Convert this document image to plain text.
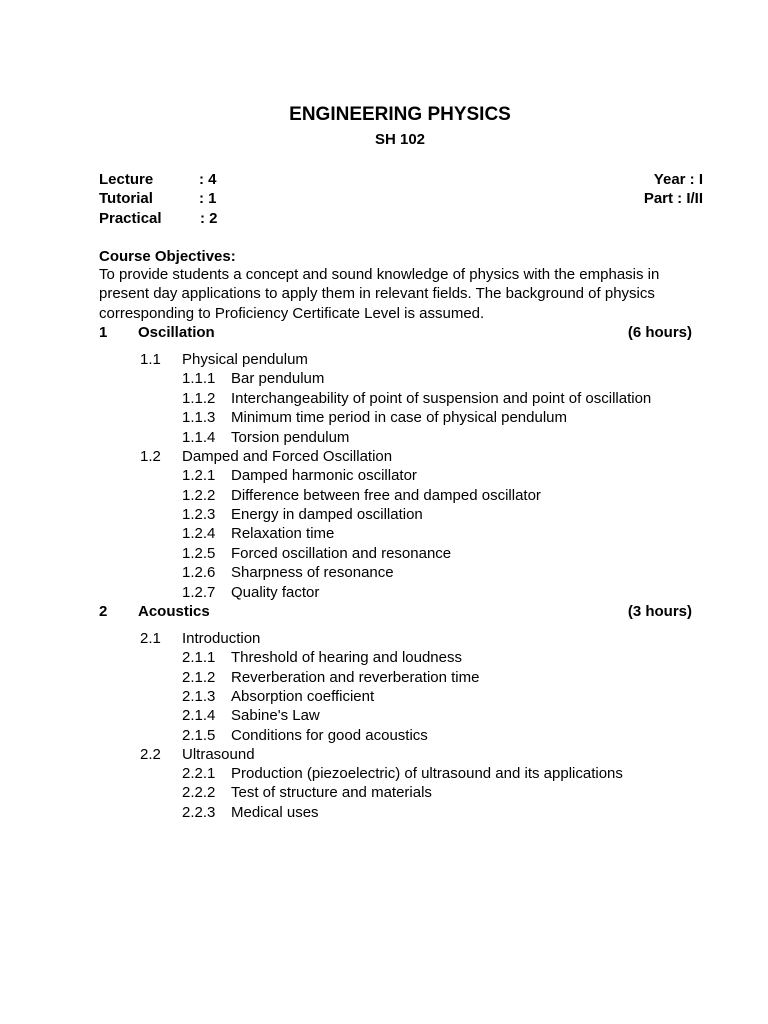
ENGINEERING PHYSICS
SH 102
Lecture	: 4
Tutorial	: 1
Practical	: 2
Year : I
Part : I/II
Course Objectives:
To provide students a concept and sound knowledge of physics with the emphasis in present day applications to apply them in relevant fields. The background of physics corresponding to Proficiency Certificate Level is assumed.
1 Oscillation	(6 hours)
1.1 Physical pendulum
1.1.1 Bar pendulum
1.1.2 Interchangeability of point of suspension and point of oscillation
1.1.3 Minimum time period in case of physical pendulum
1.1.4 Torsion pendulum
1.2 Damped and Forced Oscillation
1.2.1 Damped harmonic oscillator
1.2.2 Difference between free and damped oscillator
1.2.3 Energy in damped oscillation
1.2.4 Relaxation time
1.2.5 Forced oscillation and resonance
1.2.6 Sharpness of resonance
1.2.7 Quality factor
2 Acoustics	(3 hours)
2.1 Introduction
2.1.1 Threshold of hearing and loudness
2.1.2 Reverberation and reverberation time
2.1.3 Absorption coefficient
2.1.4 Sabine's Law
2.1.5 Conditions for good acoustics
2.2 Ultrasound
2.2.1 Production (piezoelectric) of ultrasound and its applications
2.2.2 Test of structure and materials
2.2.3 Medical uses
